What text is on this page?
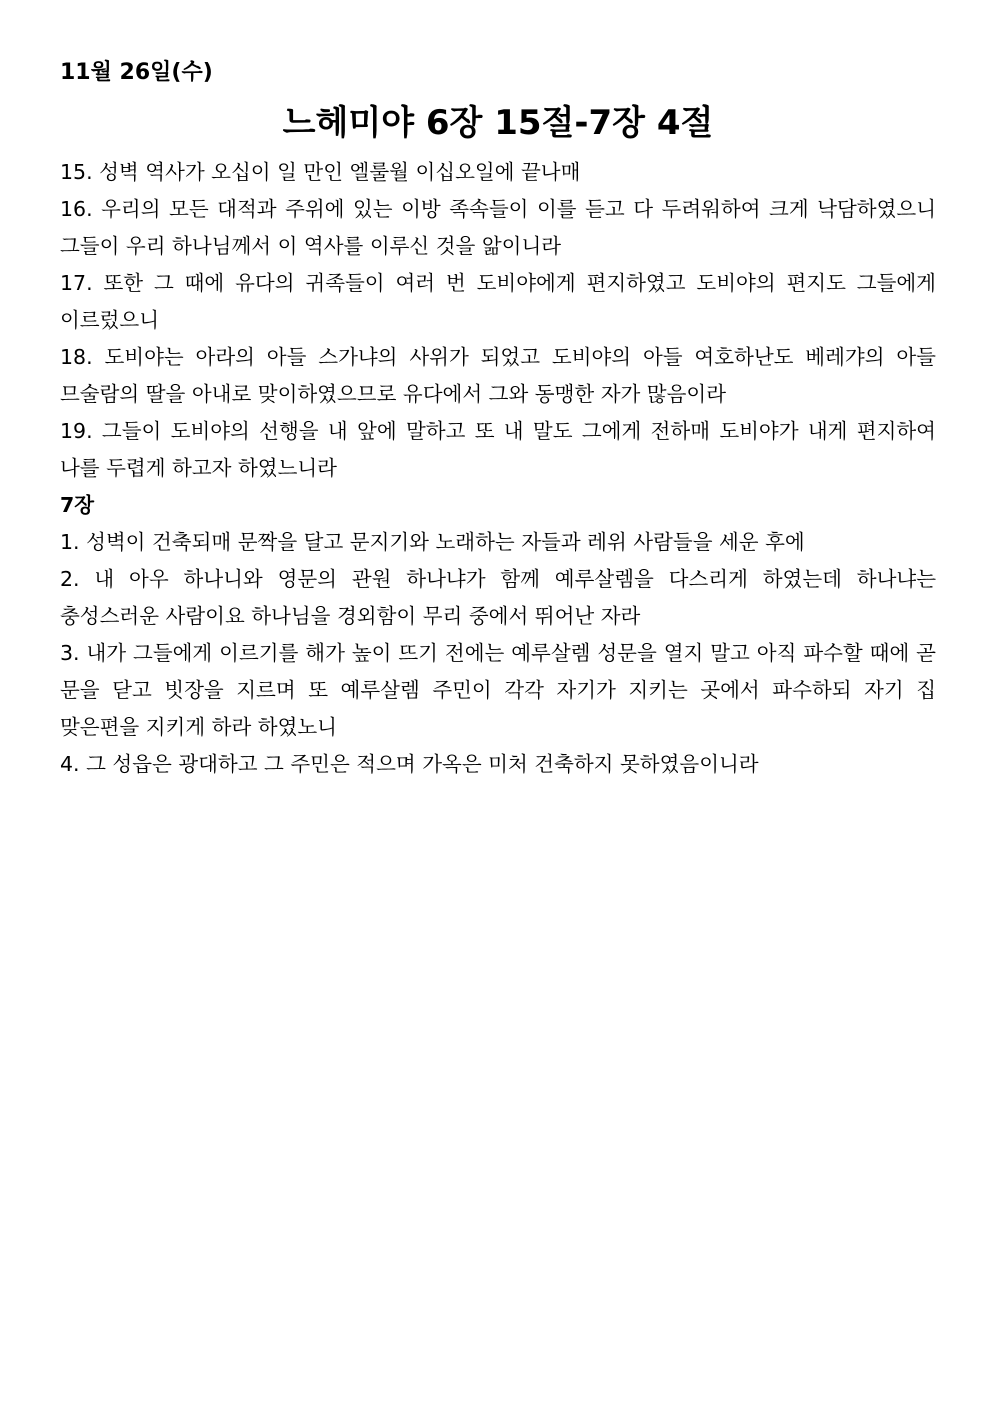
11월 26일(수)

느헤미야 6장 15절-7장 4절

15. 성벽 역사가 오십이 일 만인 엘룰월 이십오일에 끝나매

16. 우리의 모든 대적과 주위에 있는 이방 족속들이 이를 듣고 다 두려워하여 크게 낙담하였으니 그들이 우리 하나님께서 이 역사를 이루신 것을 앎이니라

17. 또한 그 때에 유다의 귀족들이 여러 번 도비야에게 편지하였고 도비야의 편지도 그들에게 이르렀으니

18. 도비야는 아라의 아들 스가냐의 사위가 되었고 도비야의 아들 여호하난도 베레갸의 아들 므술람의 딸을 아내로 맞이하였으므로 유다에서 그와 동맹한 자가 많음이라

19. 그들이 도비야의 선행을 내 앞에 말하고 또 내 말도 그에게 전하매 도비야가 내게 편지하여 나를 두렵게 하고자 하였느니라

7장

1. 성벽이 건축되매 문짝을 달고 문지기와 노래하는 자들과 레위 사람들을 세운 후에

2. 내 아우 하나니와 영문의 관원 하나냐가 함께 예루살렘을 다스리게 하였는데 하나냐는 충성스러운 사람이요 하나님을 경외함이 무리 중에서 뛰어난 자라

3. 내가 그들에게 이르기를 해가 높이 뜨기 전에는 예루살렘 성문을 열지 말고 아직 파수할 때에 곧 문을 닫고 빗장을 지르며 또 예루살렘 주민이 각각 자기가 지키는 곳에서 파수하되 자기 집 맞은편을 지키게 하라 하였노니

4. 그 성읍은 광대하고 그 주민은 적으며 가옥은 미처 건축하지 못하였음이니라
